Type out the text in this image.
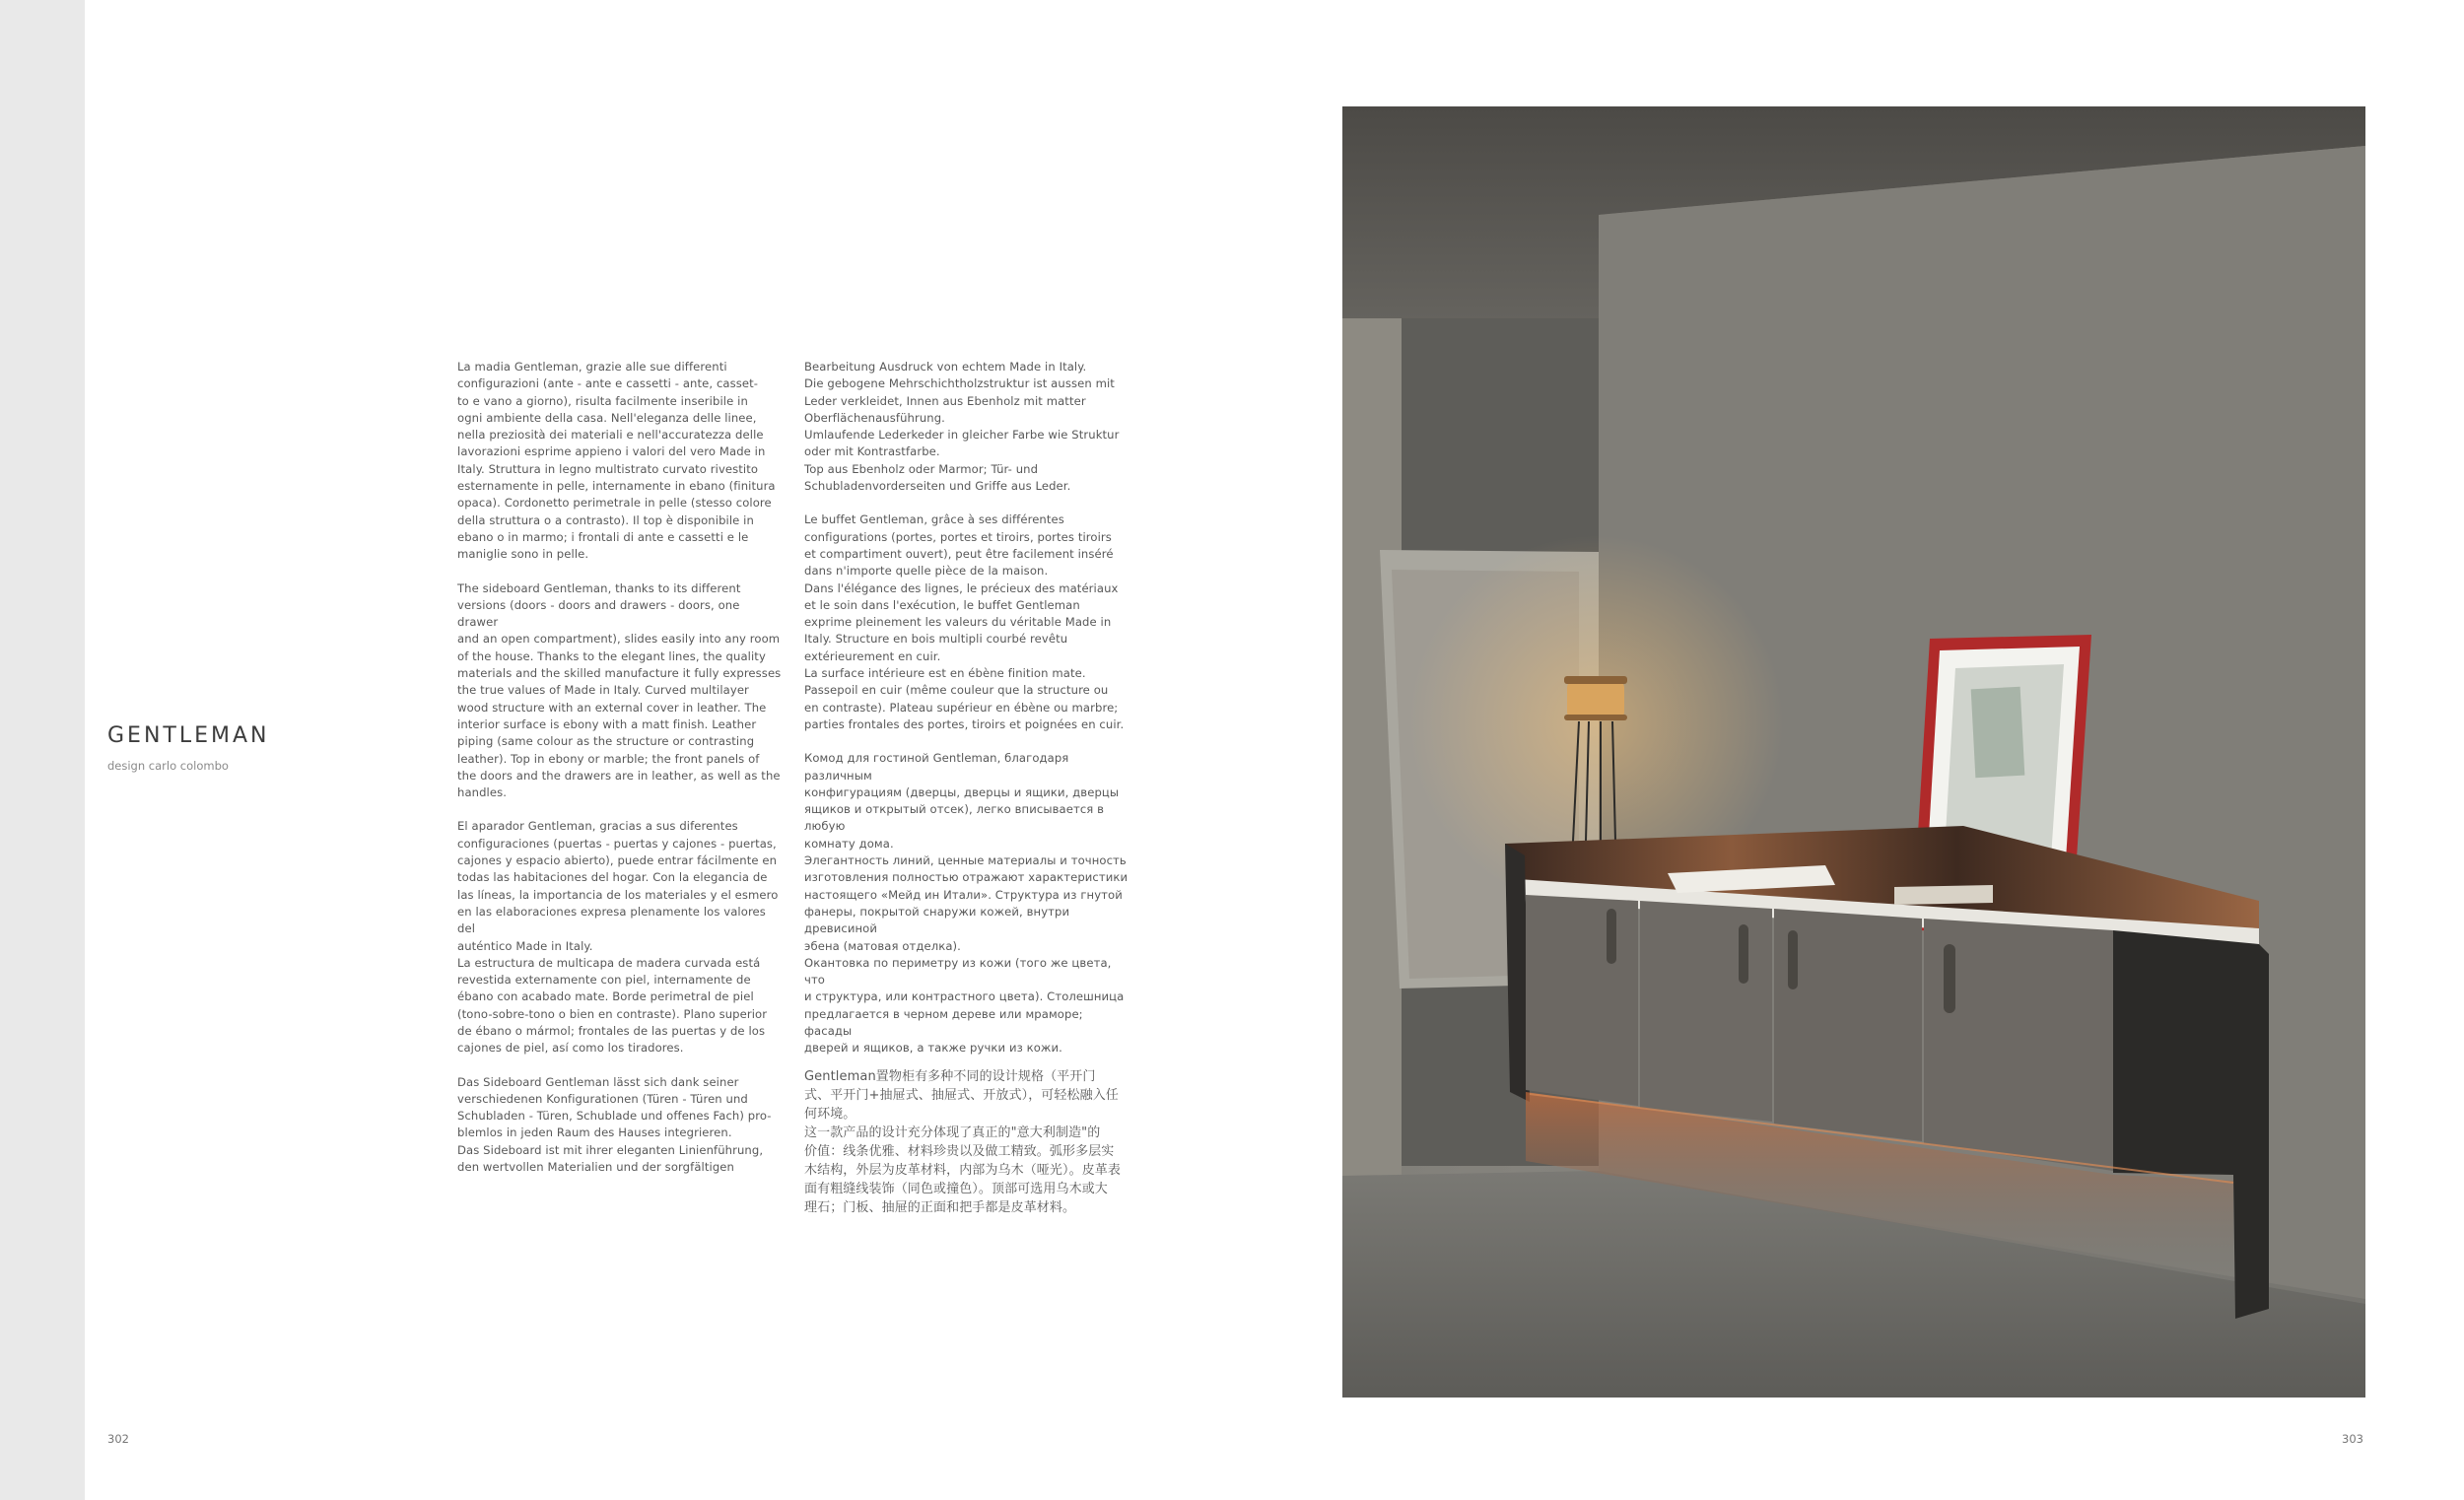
GENTLEMAN
design carlo colombo

La madia Gentleman, grazie alle sue differenti
configurazioni (ante - ante e cassetti - ante, casset-
to e vano a giorno), risulta facilmente inseribile in
ogni ambiente della casa. Nell'eleganza delle linee,
nella preziosità dei materiali e nell'accuratezza delle
lavorazioni esprime appieno i valori del vero Made in
Italy. Struttura in legno multistrato curvato rivestito
esternamente in pelle, internamente in ebano (finitura
opaca). Cordonetto perimetrale in pelle (stesso colore
della struttura o a contrasto). Il top è disponibile in
ebano o in marmo; i frontali di ante e cassetti e le
maniglie sono in pelle.

The sideboard Gentleman, thanks to its different
versions (doors - doors and drawers - doors, one drawer
and an open compartment), slides easily into any room
of the house. Thanks to the elegant lines, the quality
materials and the skilled manufacture it fully expresses
the true values of Made in Italy. Curved multilayer
wood structure with an external cover in leather. The
interior surface is ebony with a matt finish. Leather
piping (same colour as the structure or contrasting
leather). Top in ebony or marble; the front panels of
the doors and the drawers are in leather, as well as the
handles.

El aparador Gentleman, gracias a sus diferentes
configuraciones (puertas - puertas y cajones - puertas,
cajones y espacio abierto), puede entrar fácilmente en
todas las habitaciones del hogar. Con la elegancia de
las líneas, la importancia de los materiales y el esmero
en las elaboraciones expresa plenamente los valores del
auténtico Made in Italy.
La estructura de multicapa de madera curvada está
revestida externamente con piel, internamente de
ébano con acabado mate. Borde perimetral de piel
(tono-sobre-tono o bien en contraste). Plano superior
de ébano o mármol; frontales de las puertas y de los
cajones de piel, así como los tiradores.

Das Sideboard Gentleman lässt sich dank seiner
verschiedenen Konfigurationen (Türen - Türen und
Schubladen - Türen, Schublade und offenes Fach) pro-
blemlos in jeden Raum des Hauses integrieren.
Das Sideboard ist mit ihrer eleganten Linienführung,
den wertvollen Materialien und der sorgfältigen

Bearbeitung Ausdruck von echtem Made in Italy.
Die gebogene Mehrschichtholzstruktur ist aussen mit
Leder verkleidet, Innen aus Ebenholz mit matter
Oberflächenausführung.
Umlaufende Lederkeder in gleicher Farbe wie Struktur
oder mit Kontrastfarbe.
Top aus Ebenholz oder Marmor; Tür- und
Schubladenvorderseiten und Griffe aus Leder.

Le buffet Gentleman, grâce à ses différentes
configurations (portes, portes et tiroirs, portes tiroirs
et compartiment ouvert), peut être facilement inséré
dans n'importe quelle pièce de la maison.
Dans l'élégance des lignes, le précieux des matériaux
et le soin dans l'exécution, le buffet Gentleman
exprime pleinement les valeurs du véritable Made in
Italy. Structure en bois multipli courbé revêtu
extérieurement en cuir.
La surface intérieure est en ébène finition mate.
Passepoil en cuir (même couleur que la structure ou
en contraste). Plateau supérieur en ébène ou marbre;
parties frontales des portes, tiroirs et poignées en cuir.

Комод для гостиной Gentleman, благодаря различным
конфигурациям (дверцы, дверцы и ящики, дверцы
ящиков и открытый отсек), легко вписывается в любую
комнату дома.
Элегантность линий, ценные материалы и точность
изготовления полностью отражают характеристики
настоящего «Мейд ин Итали». Структура из гнутой
фанеры, покрытой снаружи кожей, внутри древисиной
эбена (матовая отделка).
Окантовка по периметру из кожи (того же цвета, что
и структура, или контрастного цвета). Столешница
предлагается в черном дереве или мраморе; фасады
дверей и ящиков, а также ручки из кожи.

Gentleman置物柜有多种不同的设计规格（平开门
式、平开门+抽屉式、抽屉式、开放式），可轻松融入任
何环境。
这一款产品的设计充分体现了真正的"意大利制造"的
价值：线条优雅、材料珍贵以及做工精致。弧形多层实
木结构，外层为皮革材料，内部为乌木（哑光）。皮革表
面有粗缝线装饰（同色或撞色）。顶部可选用乌木或大
理石；门板、抽屉的正面和把手都是皮革材料。

302	303
